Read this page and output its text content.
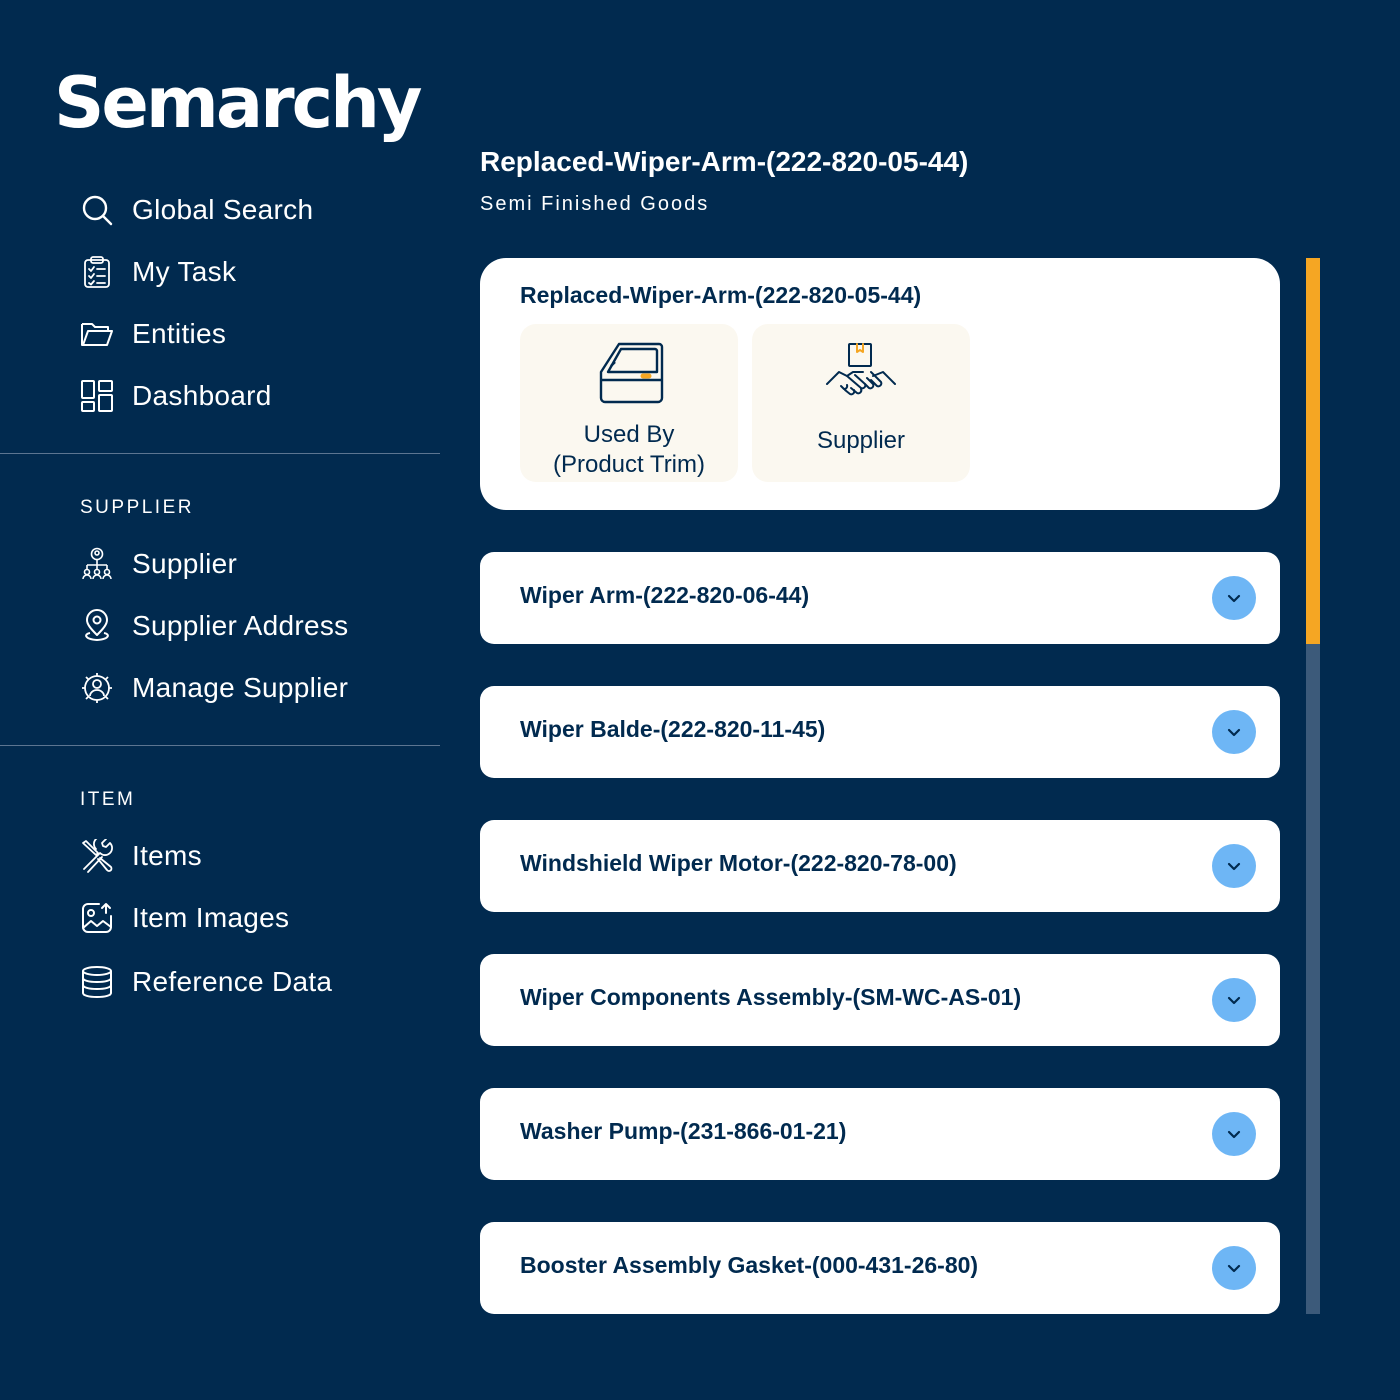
Semarchy
Global Search
My Task
Entities
Dashboard
SUPPLIER
Supplier
Supplier Address
Manage Supplier
ITEM
Items
Item Images
Reference Data
Replaced-Wiper-Arm-(222-820-05-44)
Semi Finished Goods
Replaced-Wiper-Arm-(222-820-05-44)
Used By
(Product Trim)
Supplier
Wiper Arm-(222-820-06-44)
Wiper Balde-(222-820-11-45)
Windshield Wiper Motor-(222-820-78-00)
Wiper Components Assembly-(SM-WC-AS-01)
Washer Pump-(231-866-01-21)
Booster Assembly Gasket-(000-431-26-80)
